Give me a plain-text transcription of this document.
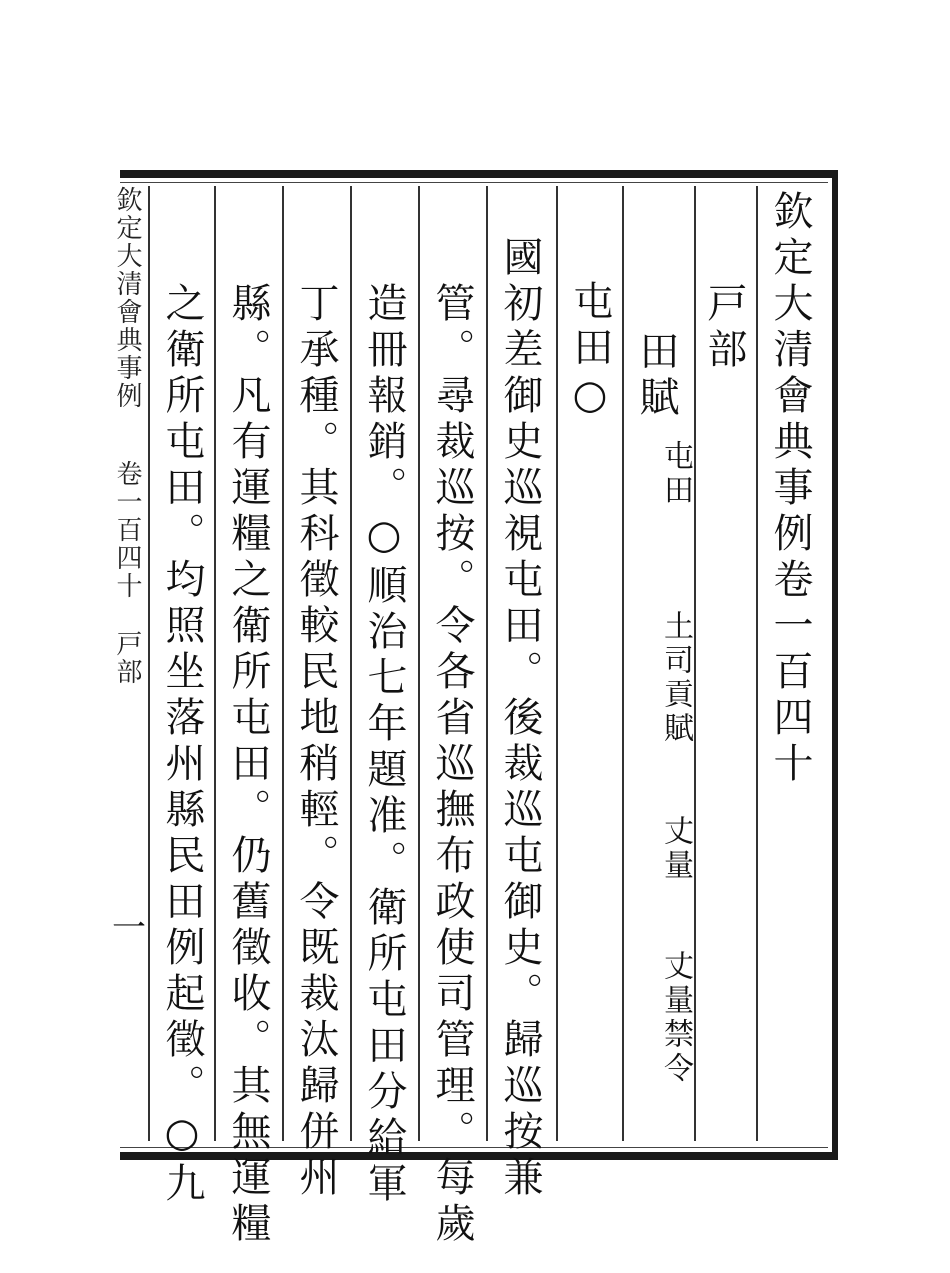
欽定大清會典事例卷一百四十
戸部
田賦
屯田
土司貢賦
丈量
丈量禁令
屯田○
國初差御史巡視屯田。後裁巡屯御史。歸巡按兼
管。尋裁巡按。令各省巡撫布政使司管理。每歲
造冊報銷。○順治七年題准。衛所屯田分給軍
丁承種。其科徵較民地稍輕。令既裁汰歸併州
縣。凡有運糧之衛所屯田。仍舊徵收。其無運糧
之衛所屯田。均照坐落州縣民田例起徵。○九
欽定大清會典事例
卷一百四十
戸部
一
